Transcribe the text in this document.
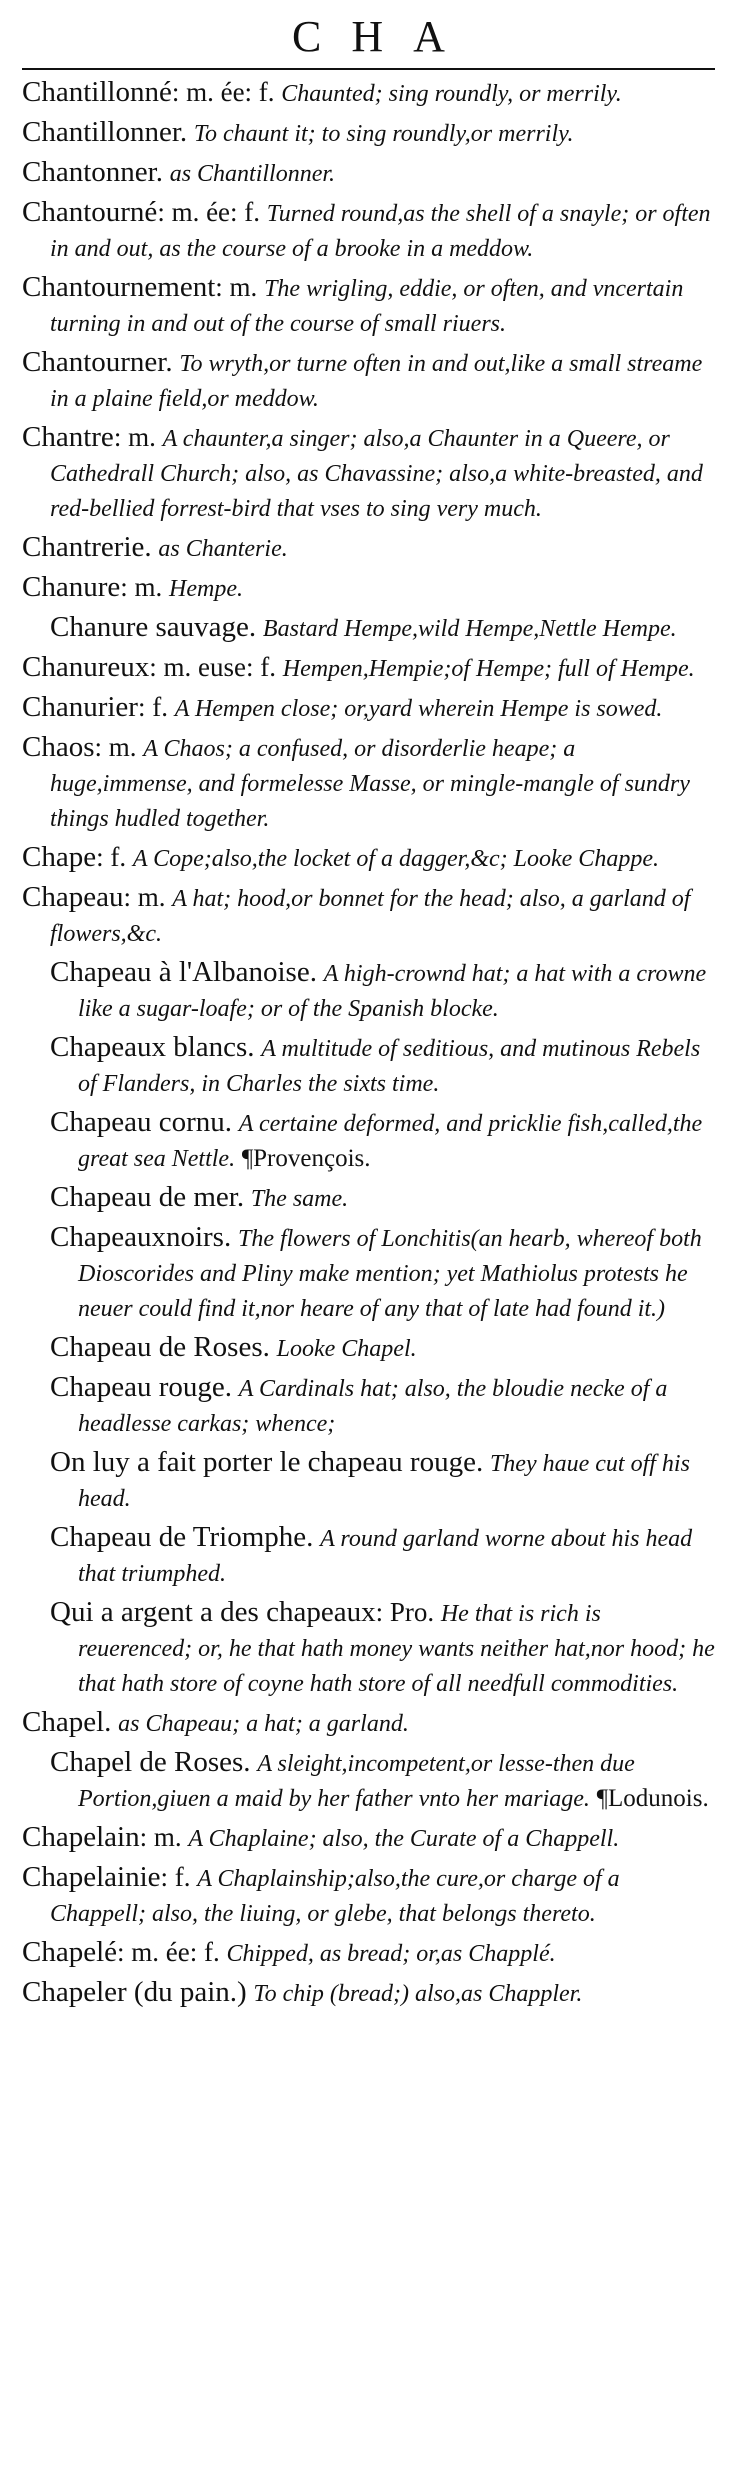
CHA
Chantillonné: m. ée: f. Chaunted; sing roundly, or merrily.
Chantillonner. To chaunt it; to sing roundly,or merrily.
Chantonner. as Chantillonner.
Chantourné: m. ée: f. Turned round,as the shell of a snayle; or often in and out, as the course of a brooke in a meddow.
Chantournement: m. The wrigling, eddie, or often, and vncertain turning in and out of the course of small riuers.
Chantourner. To wryth,or turne often in and out,like a small streame in a plaine field,or meddow.
Chantre: m. A chaunter,a singer; also,a Chaunter in a Queere, or Cathedrall Church; also, as Chavassine; also,a white-breasted, and red-bellied forrest-bird that vses to sing very much.
Chantrerie. as Chanterie.
Chanure: m. Hempe.
Chanure sauvage. Bastard Hempe,wild Hempe,Nettle Hempe.
Chanureux: m. euse: f. Hempen,Hempie;of Hempe; full of Hempe.
Chanurier: f. A Hempen close; or,yard wherein Hempe is sowed.
Chaos: m. A Chaos; a confused, or disorderlie heape; a huge,immense, and formelesse Masse, or mingle-mangle of sundry things hudled together.
Chape: f. A Cope;also,the locket of a dagger,&c; Looke Chappe.
Chapeau: m. A hat; hood,or bonnet for the head; also, a garland of flowers,&c.
Chapeau à l'Albanoise. A high-crownd hat; a hat with a crowne like a sugar-loafe; or of the Spanish blocke.
Chapeaux blancs. A multitude of seditious, and mutinous Rebels of Flanders, in Charles the sixts time.
Chapeau cornu. A certaine deformed, and pricklie fish,called,the great sea Nettle. ¶Provençois.
Chapeau de mer. The same.
Chapeauxnoirs. The flowers of Lonchitis(an hearb, whereof both Dioscorides and Pliny make mention; yet Mathiolus protests he neuer could find it,nor heare of any that of late had found it.)
Chapeau de Roses. Looke Chapel.
Chapeau rouge. A Cardinals hat; also, the bloudie necke of a headlesse carkas; whence;
On luy a fait porter le chapeau rouge. They haue cut off his head.
Chapeau de Triomphe. A round garland worne about his head that triumphed.
Qui a argent a des chapeaux: Pro. He that is rich is reuerenced; or, he that hath money wants neither hat,nor hood; he that hath store of coyne hath store of all needfull commodities.
Chapel. as Chapeau; a hat; a garland.
Chapel de Roses. A sleight,incompetent,or lesse-then due Portion,giuen a maid by her father vnto her mariage. ¶Lodunois.
Chapelain: m. A Chaplaine; also, the Curate of a Chappell.
Chapelainie: f. A Chaplainship;also,the cure,or charge of a Chappell; also, the liuing, or glebe, that belongs thereto.
Chapelé: m. ée: f. Chipped, as bread; or,as Chapplé.
Chapeler (du pain.) To chip (bread;) also,as Chappler.
